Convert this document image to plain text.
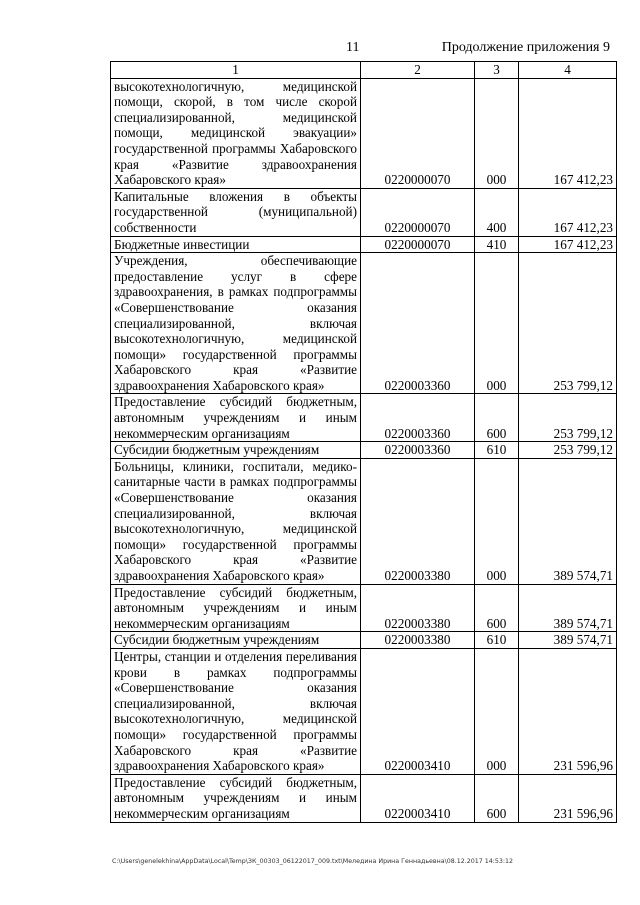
11	Продолжение приложения 9
1	2	3	4
высокотехнологичную, медицинской помощи, скорой, в том числе скорой специализированной, медицинской помощи, медицинской эвакуации» государственной программы Хабаровского края «Развитие здравоохранения Хабаровского края»	0220000070	000	167 412,23
Капитальные вложения в объекты государственной (муниципальной) собственности	0220000070	400	167 412,23
Бюджетные инвестиции	0220000070	410	167 412,23
Учреждения, обеспечивающие предоставление услуг в сфере здравоохранения, в рамках подпрограммы «Совершенствование оказания специализированной, включая высокотехнологичную, медицинской помощи» государственной программы Хабаровского края «Развитие здравоохранения Хабаровского края»	0220003360	000	253 799,12
Предоставление субсидий бюджетным, автономным учреждениям и иным некоммерческим организациям	0220003360	600	253 799,12
Субсидии бюджетным учреждениям	0220003360	610	253 799,12
Больницы, клиники, госпитали, медико-санитарные части в рамках подпрограммы «Совершенствование оказания специализированной, включая высокотехнологичную, медицинской помощи» государственной программы Хабаровского края «Развитие здравоохранения Хабаровского края»	0220003380	000	389 574,71
Предоставление субсидий бюджетным, автономным учреждениям и иным некоммерческим организациям	0220003380	600	389 574,71
Субсидии бюджетным учреждениям	0220003380	610	389 574,71
Центры, станции и отделения переливания крови в рамках подпрограммы «Совершенствование оказания специализированной, включая высокотехнологичную, медицинской помощи» государственной программы Хабаровского края «Развитие здравоохранения Хабаровского края»	0220003410	000	231 596,96
Предоставление субсидий бюджетным, автономным учреждениям и иным некоммерческим организациям	0220003410	600	231 596,96
C:\Users\genelekhina\AppData\Local\Temp\ЗК_00303_06122017_009.txt\Меледина Ирина Геннадьевна\08.12.2017 14:53:12
